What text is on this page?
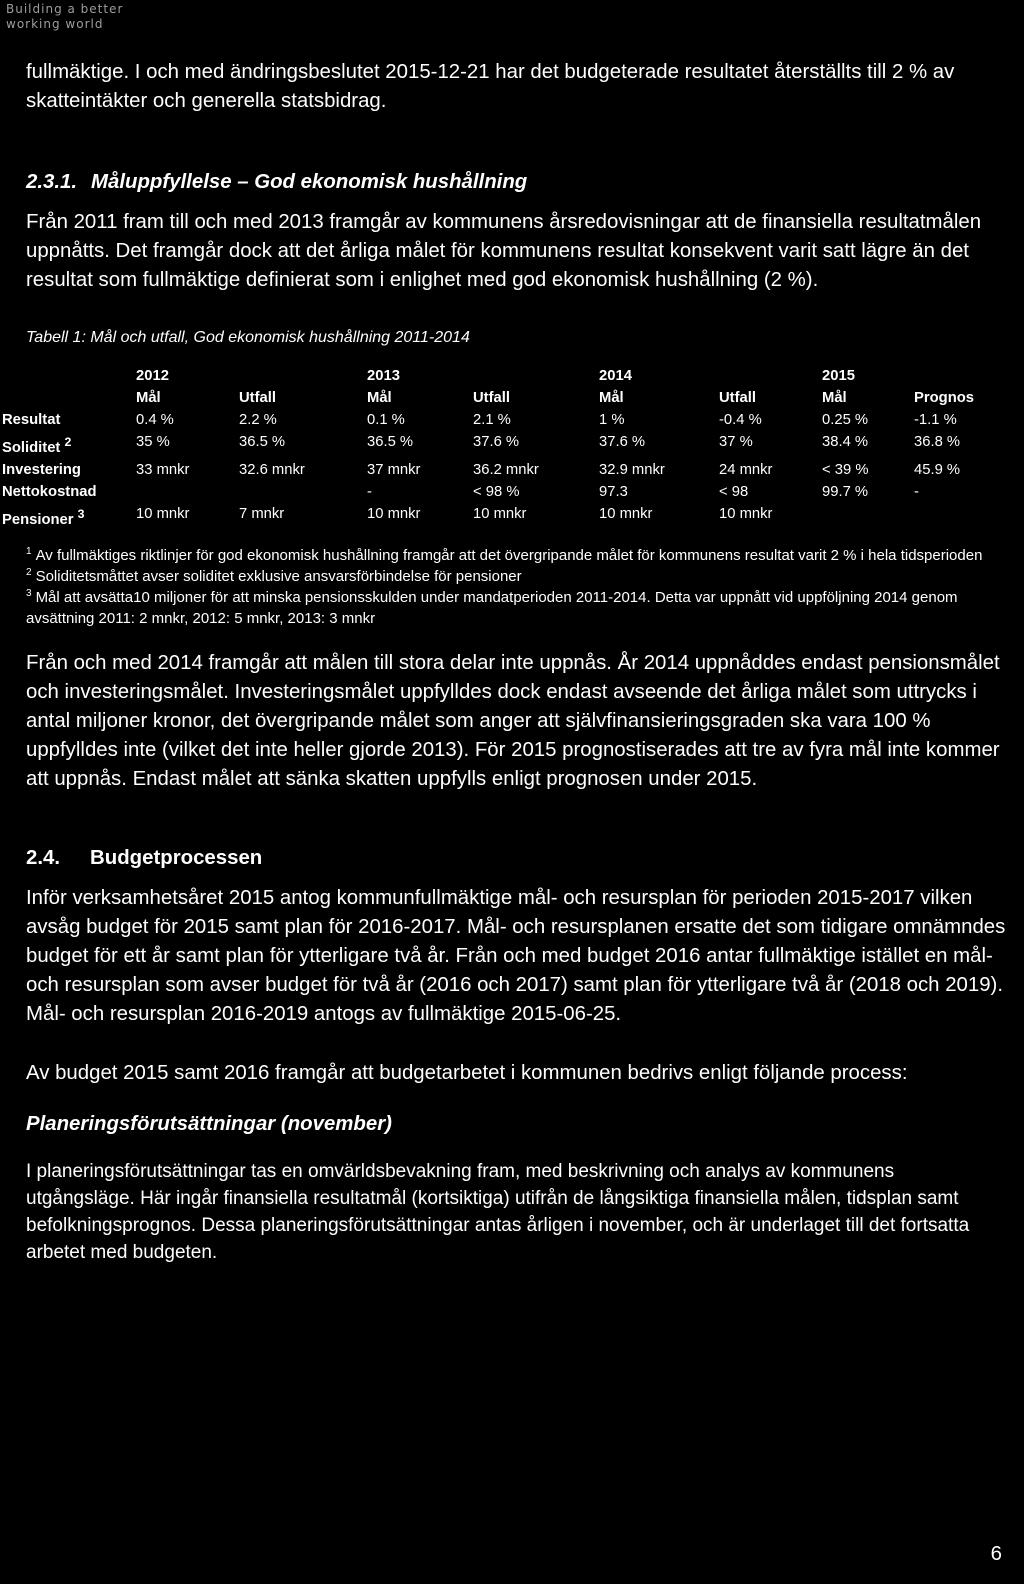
Building a better
working world

fullmäktige. I och med ändringsbeslutet 2015-12-21 har det budgeterade resultatet återställts till 2 % av skatteintäkter och generella statsbidrag.

2.3.1. Måluppfyllelse – God ekonomisk hushållning

Från 2011 fram till och med 2013 framgår av kommunens årsredovisningar att de finansiella resultatmålen uppnåtts. Det framgår dock att det årliga målet för kommunens resultat konsekvent varit satt lägre än det resultat som fullmäktige definierat som i enlighet med god ekonomisk hushållning (2 %).

Tabell 1: Mål och utfall, God ekonomisk hushållning 2011-2014
	2012		2013		2014		2015	
	Mål	Utfall	Mål	Utfall	Mål	Utfall	Mål	Prognos
Resultat	0.4 %	2.2 %	0.1 %	2.1 %	1 %	-0.4 %	0.25 %	-1.1 %
Soliditet $^2$	35 %	36.5 %	36.5 %	37.6 %	37.6 %	37 %	38.4 %	36.8 %
Investering	33 mnkr	32.6 mnkr	37 mnkr	36.2 mnkr	32.9 mnkr	24 mnkr	< 39 %	45.9 %
Nettokostnad			-	< 98 %	97.3	< 98	99.7 %	-
Pensioner $^3$	10 mnkr	7 mnkr	10 mnkr	10 mnkr	10 mnkr	10 mnkr		

$^1$ Av fullmäktiges riktlinjer för god ekonomisk hushållning framgår att det övergripande målet för kommunens resultat varit 2 % i hela tidsperioden

$^2$ Soliditetsmåttet avser soliditet exklusive ansvarsförbindelse för pensioner

$^3$ Mål att avsätta10 miljoner för att minska pensionsskulden under mandatperioden 2011-2014. Detta var uppnått vid uppföljning 2014 genom avsättning 2011: 2 mnkr, 2012: 5 mnkr, 2013: 3 mnkr

Från och med 2014 framgår att målen till stora delar inte uppnås. År 2014 uppnåddes endast pensionsmålet och investeringsmålet. Investeringsmålet uppfylldes dock endast avseende det årliga målet som uttrycks i antal miljoner kronor, det övergripande målet som anger att självfinansieringsgraden ska vara 100 % uppfylldes inte (vilket det inte heller gjorde 2013). För 2015 prognostiserades att tre av fyra mål inte kommer att uppnås. Endast målet att sänka skatten uppfylls enligt prognosen under 2015.

2.4. Budgetprocessen

Inför verksamhetsåret 2015 antog kommunfullmäktige mål- och resursplan för perioden 2015-2017 vilken avsåg budget för 2015 samt plan för 2016-2017. Mål- och resursplanen ersatte det som tidigare omnämndes budget för ett år samt plan för ytterligare två år. Från och med budget 2016 antar fullmäktige istället en mål- och resursplan som avser budget för två år (2016 och 2017) samt plan för ytterligare två år (2018 och 2019). Mål- och resursplan 2016-2019 antogs av fullmäktige 2015-06-25.

Av budget 2015 samt 2016 framgår att budgetarbetet i kommunen bedrivs enligt följande process:

Planeringsförutsättningar (november)

I planeringsförutsättningar tas en omvärldsbevakning fram, med beskrivning och analys av kommunens utgångsläge. Här ingår finansiella resultatmål (kortsiktiga) utifrån de långsiktiga finansiella målen, tidsplan samt befolkningsprognos. Dessa planeringsförutsättningar antas årligen i november, och är underlaget till det fortsatta arbetet med budgeten.

6
